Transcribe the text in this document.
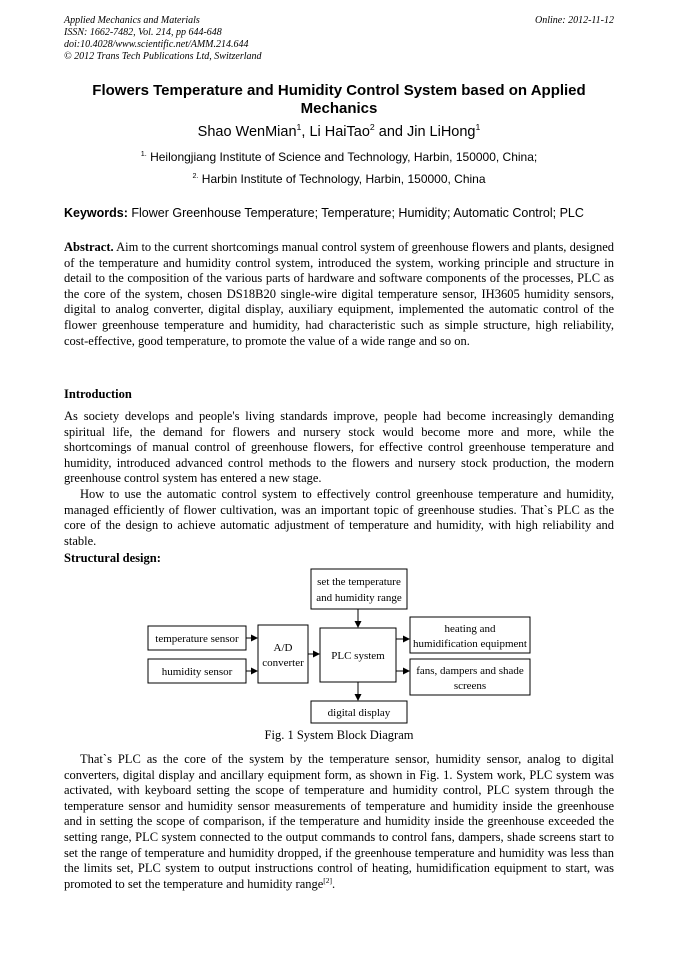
Applied Mechanics and Materials
ISSN: 1662-7482, Vol. 214, pp 644-648
doi:10.4028/www.scientific.net/AMM.214.644
© 2012 Trans Tech Publications Ltd, Switzerland
Online: 2012-11-12
Flowers Temperature and Humidity Control System based on Applied Mechanics
Shao WenMian$^1$, Li HaiTao$^2$ and Jin LiHong$^1$
$^{1.}$ Heilongjiang Institute of Science and Technology, Harbin, 150000, China;
$^{2.}$ Harbin Institute of Technology, Harbin, 150000, China
Keywords: Flower Greenhouse Temperature; Temperature; Humidity; Automatic Control; PLC

Abstract. Aim to the current shortcomings manual control system of greenhouse flowers and plants, designed of the temperature and humidity control system, introduced the system, working principle and structure in detail to the composition of the various parts of hardware and software components of the processes, PLC as the core of the system, chosen DS18B20 single-wire digital temperature sensor, IH3605 humidity sensors, digital to analog converter, digital display, auxiliary equipment, implemented the automatic control of the flower greenhouse temperature and humidity, had characteristic such as simple structure, high reliability, cost-effective, good temperature, to promote the value of a wide range and so on.

Introduction

As society develops and people's living standards improve, people had become increasingly demanding spiritual life, the demand for flowers and nursery stock would become more and more, while the shortcomings of manual control of greenhouse flowers, for effective control greenhouse temperature and humidity, introduced advanced control methods to the flowers and nursery stock production, the modern greenhouse control system has entered a new stage.

How to use the automatic control system to effectively control greenhouse temperature and humidity, managed efficiently of flower cultivation, was an important topic of greenhouse studies. That`s PLC as the core of the design to achieve automatic adjustment of temperature and humidity, with high reliability and stable.

Structural design:
set the temperature
and humidity range
temperature sensor
humidity sensor
A/D
converter
PLC system
heating and
humidification equipment
fans, dampers and shade
screens
digital display
Fig. 1 System Block Diagram

That`s PLC as the core of the system by the temperature sensor, humidity sensor, analog to digital converters, digital display and ancillary equipment form, as shown in Fig. 1. System work, PLC system was activated, with keyboard setting the scope of temperature and humidity control, PLC system through the temperature sensor and humidity sensor measurements of temperature and humidity inside the greenhouse and in setting the scope of comparison, if the temperature and humidity inside the greenhouse exceeded the setting range, PLC system connected to the output commands to control fans, dampers, shade screens start to set the range of temperature and humidity dropped, if the greenhouse temperature and humidity was less than the limits set, PLC system to output instructions control of heating, humidification equipment to start, was promoted to set the temperature and humidity range[2].
